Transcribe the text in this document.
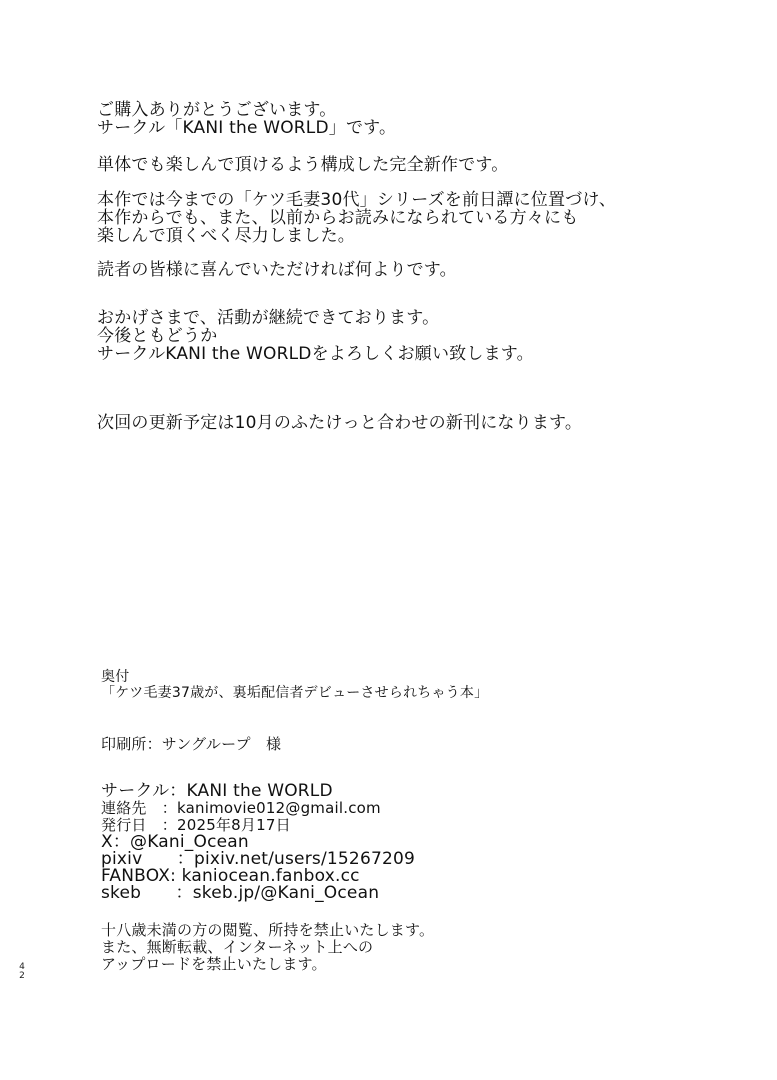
ご購入ありがとうございます。
サークル「KANI the WORLD」です。
単体でも楽しんで頂けるよう構成した完全新作です。
本作では今までの「ケツ毛妻30代」シリーズを前日譚に位置づけ、
本作からでも、また、以前からお読みになられている方々にも
楽しんで頂くべく尽力しました。
読者の皆様に喜んでいただければ何よりです。
おかげさまで、活動が継続できております。
今後ともどうか
サークルKANI the WORLDをよろしくお願い致します。
次回の更新予定は10月のふたけっと合わせの新刊になります。
奥付
「ケツ毛妻37歳が、裏垢配信者デビューさせられちゃう本」
印刷所：サングループ　様
サークル：KANI the WORLD
連絡先　：kanimovie012@gmail.com
発行日　：2025年8月17日
X：@Kani_Ocean
pixiv　　：pixiv.net/users/15267209
FANBOX: kaniocean.fanbox.cc
skeb　　：skeb.jp/@Kani_Ocean
十八歳未満の方の閲覧、所持を禁止いたします。
また、無断転載、インターネット上への
アップロードを禁止いたします。
4
2
